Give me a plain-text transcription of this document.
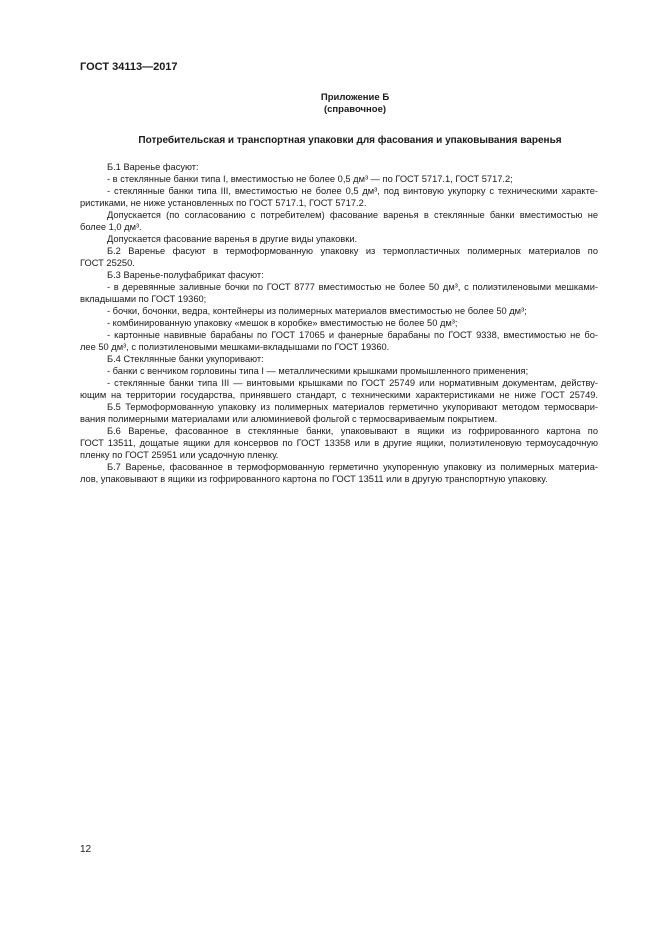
ГОСТ 34113—2017
Приложение Б
(справочное)
Потребительская и транспортная упаковки для фасования и упаковывания варенья
Б.1 Варенье фасуют:
- в стеклянные банки типа I, вместимостью не более 0,5 дм³ — по ГОСТ 5717.1, ГОСТ 5717.2;
- стеклянные банки типа III, вместимостью не более 0,5 дм³, под винтовую укупорку с техническими характе-
ристиками, не ниже установленных по ГОСТ 5717.1, ГОСТ 5717.2.
Допускается (по согласованию с потребителем) фасование варенья в стеклянные банки вместимостью не
более 1,0 дм³.
Допускается фасование варенья в другие виды упаковки.
Б.2 Варенье фасуют в термоформованную упаковку из термопластичных полимерных материалов по
ГОСТ 25250.
Б.3 Варенье-полуфабрикат фасуют:
- в деревянные заливные бочки по ГОСТ 8777 вместимостью не более 50 дм³, с полиэтиленовыми мешками-
вкладышами по ГОСТ 19360;
- бочки, бочонки, ведра, контейнеры из полимерных материалов вместимостью не более 50 дм³;
- комбинированную упаковку «мешок в коробке» вместимостью не более 50 дм³;
- картонные навивные барабаны по ГОСТ 17065 и фанерные барабаны по ГОСТ 9338, вместимостью не бо-
лее 50 дм³, с полиэтиленовыми мешками-вкладышами по ГОСТ 19360.
Б.4 Стеклянные банки укупоривают:
- банки с венчиком горловины типа I — металлическими крышками промышленного применения;
- стеклянные банки типа III — винтовыми крышками по ГОСТ 25749 или нормативным документам, действу-
ющим на территории государства, принявшего стандарт, с техническими характеристиками не ниже ГОСТ 25749.
Б.5 Термоформованную упаковку из полимерных материалов герметично укупоривают методом термосвари-
вания полимерными материалами или алюминиевой фольгой с термосвариваемым покрытием.
Б.6 Варенье, фасованное в стеклянные банки, упаковывают в ящики из гофрированного картона по
ГОСТ 13511, дощатые ящики для консервов по ГОСТ 13358 или в другие ящики, полиэтиленовую термоусадочную
пленку по ГОСТ 25951 или усадочную пленку.
Б.7 Варенье, фасованное в термоформованную герметично укупоренную упаковку из полимерных материа-
лов, упаковывают в ящики из гофрированного картона по ГОСТ 13511 или в другую транспортную упаковку.
12
